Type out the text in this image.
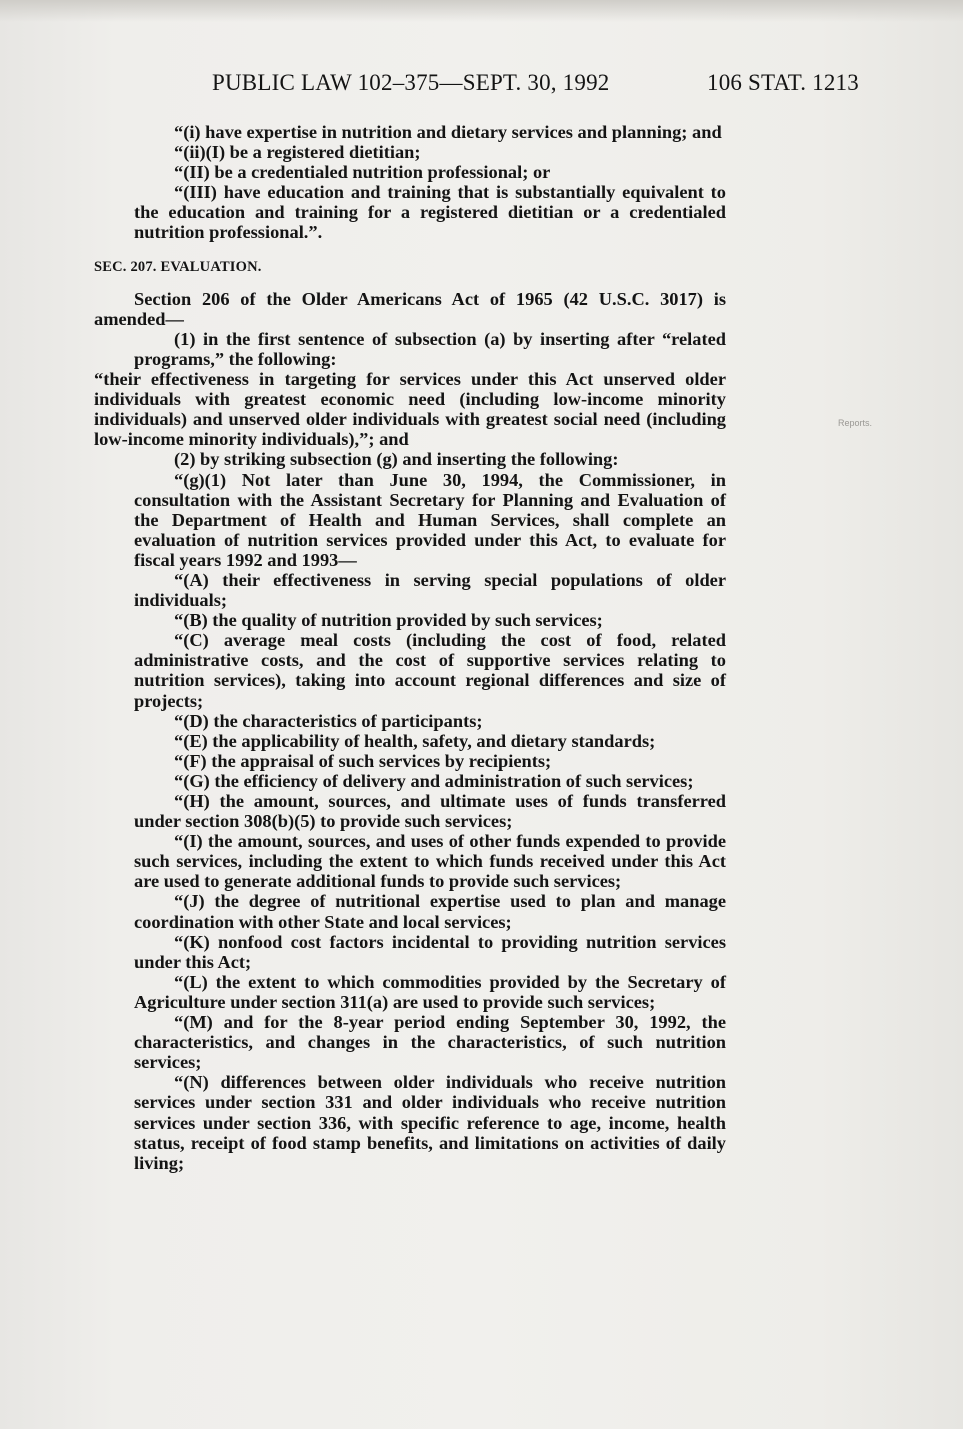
PUBLIC LAW 102–375—SEPT. 30, 1992	106 STAT. 1213
Reports.

“(i) have expertise in nutrition and dietary services and planning; and

“(ii)(I) be a registered dietitian;

“(II) be a credentialed nutrition professional; or

“(III) have education and training that is substantially equivalent to the education and training for a registered dietitian or a credentialed nutrition professional.”.

SEC. 207. EVALUATION.

Section 206 of the Older Americans Act of 1965 (42 U.S.C. 3017) is amended—

(1) in the first sentence of subsection (a) by inserting after “related programs,” the following:

“their effectiveness in targeting for services under this Act unserved older individuals with greatest economic need (including low-income minority individuals) and unserved older individuals with greatest social need (including low-income minority individuals),”; and

(2) by striking subsection (g) and inserting the following:

“(g)(1) Not later than June 30, 1994, the Commissioner, in consultation with the Assistant Secretary for Planning and Evaluation of the Department of Health and Human Services, shall complete an evaluation of nutrition services provided under this Act, to evaluate for fiscal years 1992 and 1993—

“(A) their effectiveness in serving special populations of older individuals;

“(B) the quality of nutrition provided by such services;

“(C) average meal costs (including the cost of food, related administrative costs, and the cost of supportive services relating to nutrition services), taking into account regional differences and size of projects;

“(D) the characteristics of participants;

“(E) the applicability of health, safety, and dietary standards;

“(F) the appraisal of such services by recipients;

“(G) the efficiency of delivery and administration of such services;

“(H) the amount, sources, and ultimate uses of funds transferred under section 308(b)(5) to provide such services;

“(I) the amount, sources, and uses of other funds expended to provide such services, including the extent to which funds received under this Act are used to generate additional funds to provide such services;

“(J) the degree of nutritional expertise used to plan and manage coordination with other State and local services;

“(K) nonfood cost factors incidental to providing nutrition services under this Act;

“(L) the extent to which commodities provided by the Secretary of Agriculture under section 311(a) are used to provide such services;

“(M) and for the 8-year period ending September 30, 1992, the characteristics, and changes in the characteristics, of such nutrition services;

“(N) differences between older individuals who receive nutrition services under section 331 and older individuals who receive nutrition services under section 336, with specific reference to age, income, health status, receipt of food stamp benefits, and limitations on activities of daily living;
